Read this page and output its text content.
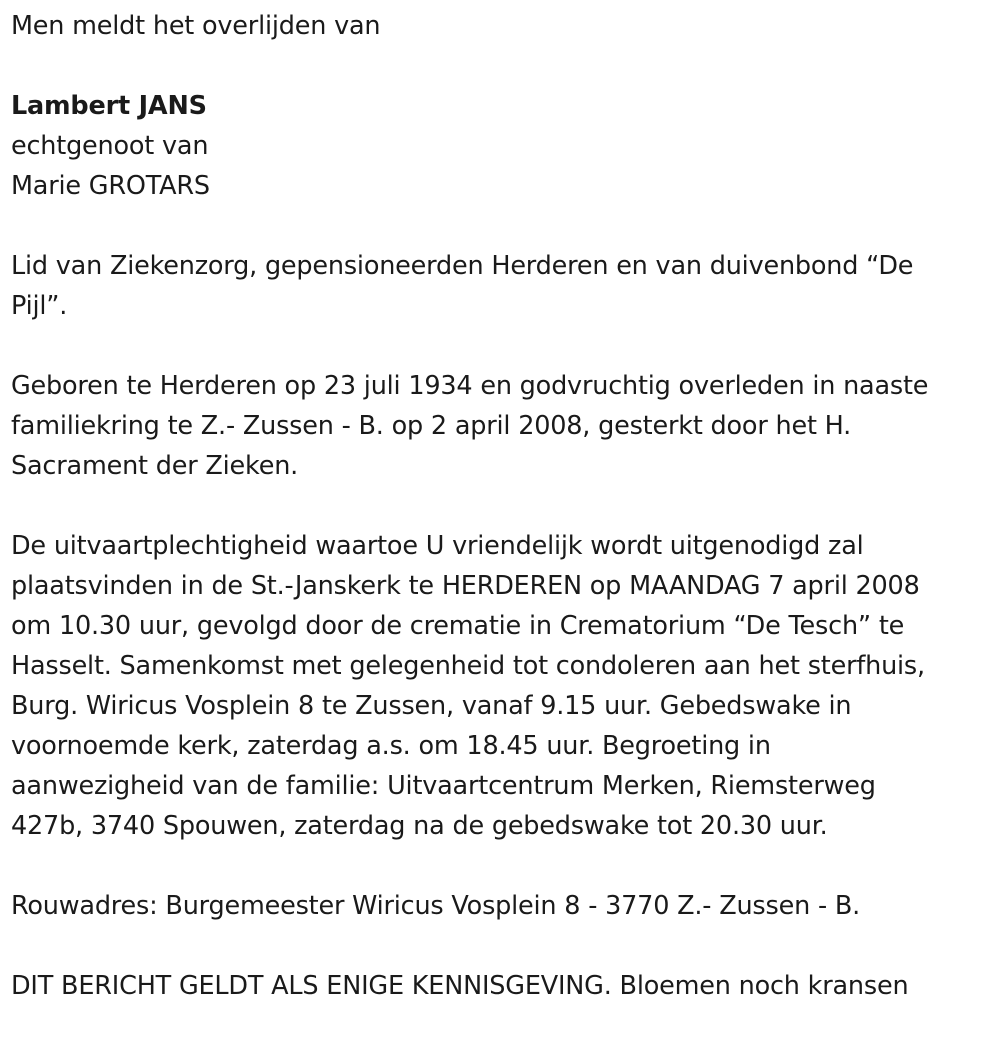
Men meldt het overlijden van

Lambert JANS

echtgenoot van

Marie GROTARS

Lid van Ziekenzorg, gepensioneerden Herderen en van duivenbond “De
Pijl”.
Geboren te Herderen op 23 juli 1934 en godvruchtig overleden in naaste
familiekring te Z.- Zussen - B. op 2 april 2008, gesterkt door het H.
Sacrament der Zieken.
De uitvaartplechtigheid waartoe U vriendelijk wordt uitgenodigd zal
plaatsvinden in de St.-Janskerk te HERDEREN op MAANDAG 7 april 2008
om 10.30 uur, gevolgd door de crematie in Crematorium “De Tesch” te
Hasselt. Samenkomst met gelegenheid tot condoleren aan het sterfhuis,
Burg. Wiricus Vosplein 8 te Zussen, vanaf 9.15 uur. Gebedswake in
voornoemde kerk, zaterdag a.s. om 18.45 uur. Begroeting in
aanwezigheid van de familie: Uitvaartcentrum Merken, Riemsterweg
427b, 3740 Spouwen, zaterdag na de gebedswake tot 20.30 uur.

Rouwadres: Burgemeester Wiricus Vosplein 8 - 3770 Z.- Zussen - B.

DIT BERICHT GELDT ALS ENIGE KENNISGEVING. Bloemen noch kransen
